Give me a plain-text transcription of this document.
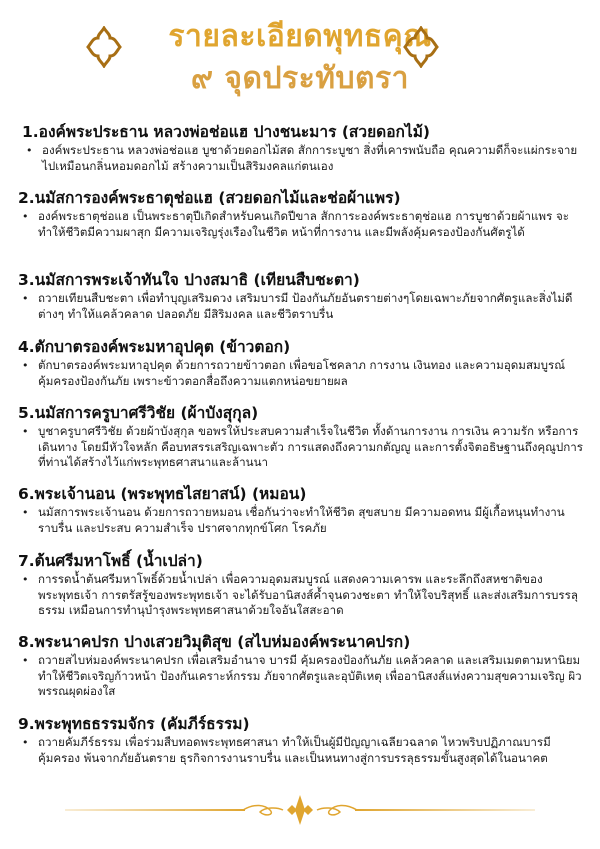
รายละเอียดพุทธคุณ
๙ จุดประทับตรา
1.องค์พระประธาน หลวงพ่อช่อแฮ ปางชนะมาร (สวยดอกไม้)
• องค์พระประธาน หลวงพ่อช่อแฮ บูชาด้วยดอกไม้สด สักการะบูชา สิ่งที่เคารพนับถือ คุณความดีก็จะแผ่กระจายไปเหมือนกลิ่นหอมดอกไม้ สร้างความเป็นสิริมงคลแก่ตนเอง
2.นมัสการองค์พระธาตุช่อแฮ (สวยดอกไม้และช่อผ้าแพร)
• องค์พระธาตุช่อแฮ เป็นพระธาตุปีเกิดสำหรับคนเกิดปีขาล สักการะองค์พระธาตุช่อแฮ การบูชาด้วยผ้าแพร จะทำให้ชีวิตมีความผาสุก มีความเจริญรุ่งเรืองในชีวิต หน้าที่การงาน และมีพลังคุ้มครองป้องกันศัตรูได้
3.นมัสการพระเจ้าทันใจ ปางสมาธิ (เทียนสืบชะตา)
• ถวายเทียนสืบชะตา เพื่อทำบุญเสริมดวง เสริมบารมี ป้องกันภัยอันตรายต่างๆโดยเฉพาะภัยจากศัตรูและสิ่งไม่ดีต่างๆ ทำให้แคล้วคลาด ปลอดภัย มีสิริมงคล และชีวิตราบรื่น
4.ตักบาตรองค์พระมหาอุปคุต (ข้าวตอก)
• ตักบาตรองค์พระมหาอุปคุต ด้วยการถวายข้าวตอก เพื่อขอโชคลาภ การงาน เงินทอง และความอุดมสมบูรณ์ คุ้มครองป้องกันภัย เพราะข้าวตอกสื่อถึงความแตกหน่อขยายผล
5.นมัสการครูบาศรีวิชัย (ผ้าบังสุกุล)
• บูชาครูบาศรีวิชัย ด้วยผ้าบังสุกุล ขอพรให้ประสบความสำเร็จในชีวิต ทั้งด้านการงาน การเงิน ความรัก หรือการเดินทาง โดยมีหัวใจหลัก คือบทสรรเสริญเฉพาะตัว การแสดงถึงความกตัญญู และการตั้งจิตอธิษฐานถึงคุณูปการที่ท่านได้สร้างไว้แก่พระพุทธศาสนาและล้านนา
6.พระเจ้านอน (พระพุทธไสยาสน์) (หมอน)
• นมัสการพระเจ้านอน ด้วยการถวายหมอน เชื่อกันว่าจะทำให้ชีวิต สุขสบาย มีความอดทน มีผู้เกื้อหนุนทำงานราบรื่น และประสบ ความสำเร็จ ปราศจากทุกข์โศก โรคภัย
7.ต้นศรีมหาโพธิ์ (น้ำเปล่า)
• การรดน้ำต้นศรีมหาโพธิ์ด้วยน้ำเปล่า เพื่อความอุดมสมบูรณ์ แสดงความเคารพ และระลึกถึงสหชาติของพระพุทธเจ้า การตรัสรู้ของพระพุทธเจ้า จะได้รับอานิสงส์ค้ำจุนดวงชะตา ทำให้ใจบริสุทธิ์ และส่งเสริมการบรรลุธรรม เหมือนการทำนุบำรุงพระพุทธศาสนาด้วยใจอันใสสะอาด
8.พระนาคปรก ปางเสวยวิมุติสุข (สไบห่มองค์พระนาคปรก)
• ถวายสไบห่มองค์พระนาคปรก เพื่อเสริมอำนาจ บารมี คุ้มครองป้องกันภัย แคล้วคลาด และเสริมเมตตามหานิยม ทำให้ชีวิตเจริญก้าวหน้า ป้องกันเคราะห์กรรม ภัยจากศัตรูและอุบัติเหตุ เพื่ออานิสงส์แห่งความสุขความเจริญ ผิวพรรณผุดผ่องใส
9.พระพุทธธรรมจักร (คัมภีร์ธรรม)
• ถวายคัมภีร์ธรรม เพื่อร่วมสืบทอดพระพุทธศาสนา ทำให้เป็นผู้มีปัญญาเฉลียวฉลาด ไหวพริบปฏิภาณบารมีคุ้มครอง พ้นจากภัยอันตราย ธุรกิจการงานราบรื่น และเป็นหนทางสู่การบรรลุธรรมขั้นสูงสุดได้ในอนาคต
